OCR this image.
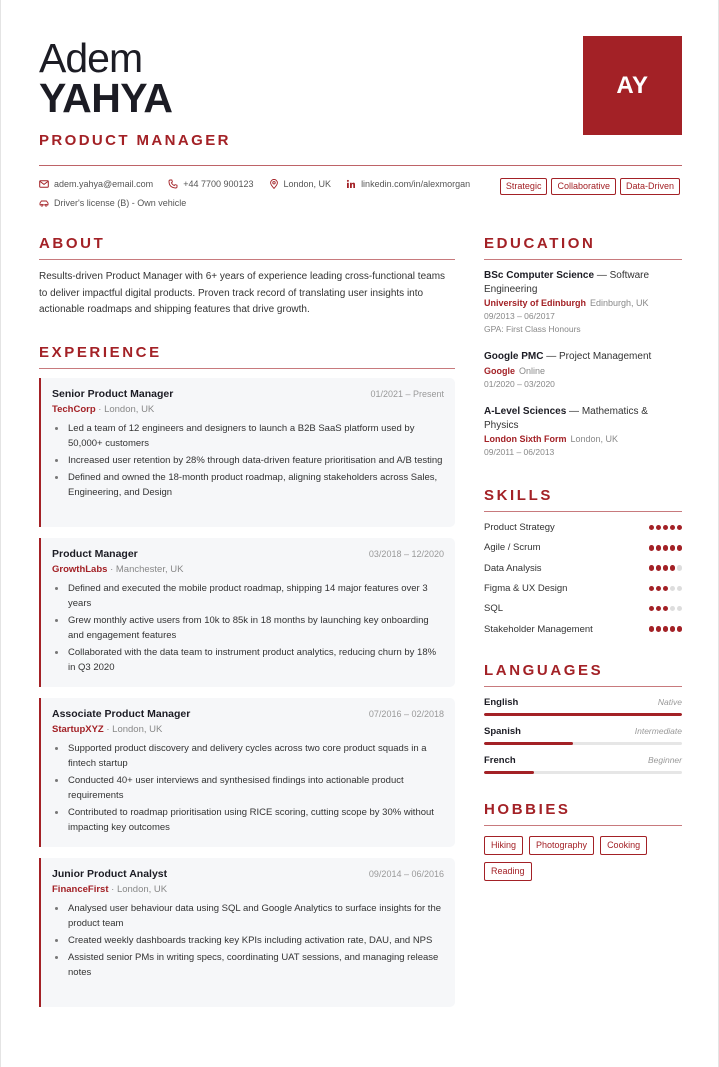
Adem
YAHYA
PRODUCT MANAGER
AY
adem.yahya@email.com	+44 7700 900123	London, UK	linkedin.com/in/alexmorgan
Driver's license (B) - Own vehicle
Strategic	Collaborative	Data-Driven
ABOUT
Results-driven Product Manager with 6+ years of experience leading cross-functional teams to deliver impactful digital products. Proven track record of translating user insights into actionable roadmaps and shipping features that drive growth.
EXPERIENCE
Senior Product Manager	01/2021 – Present
TechCorp · London, UK
Led a team of 12 engineers and designers to launch a B2B SaaS platform used by 50,000+ customers
Increased user retention by 28% through data-driven feature prioritisation and A/B testing
Defined and owned the 18-month product roadmap, aligning stakeholders across Sales, Engineering, and Design
Product Manager	03/2018 – 12/2020
GrowthLabs · Manchester, UK
Defined and executed the mobile product roadmap, shipping 14 major features over 3 years
Grew monthly active users from 10k to 85k in 18 months by launching key onboarding and engagement features
Collaborated with the data team to instrument product analytics, reducing churn by 18% in Q3 2020
Associate Product Manager	07/2016 – 02/2018
StartupXYZ · London, UK
Supported product discovery and delivery cycles across two core product squads in a fintech startup
Conducted 40+ user interviews and synthesised findings into actionable product requirements
Contributed to roadmap prioritisation using RICE scoring, cutting scope by 30% without impacting key outcomes
Junior Product Analyst	09/2014 – 06/2016
FinanceFirst · London, UK
Analysed user behaviour data using SQL and Google Analytics to surface insights for the product team
Created weekly dashboards tracking key KPIs including activation rate, DAU, and NPS
Assisted senior PMs in writing specs, coordinating UAT sessions, and managing release notes
EDUCATION
BSc Computer Science — Software Engineering
University of Edinburgh Edinburgh, UK
09/2013 – 06/2017
GPA: First Class Honours
Google PMC — Project Management
Google Online
01/2020 – 03/2020
A-Level Sciences — Mathematics & Physics
London Sixth Form London, UK
09/2011 – 06/2013
SKILLS
Product Strategy
Agile / Scrum
Data Analysis
Figma & UX Design
SQL
Stakeholder Management
LANGUAGES
English	Native
Spanish	Intermediate
French	Beginner
HOBBIES
Hiking	Photography	Cooking
Reading
